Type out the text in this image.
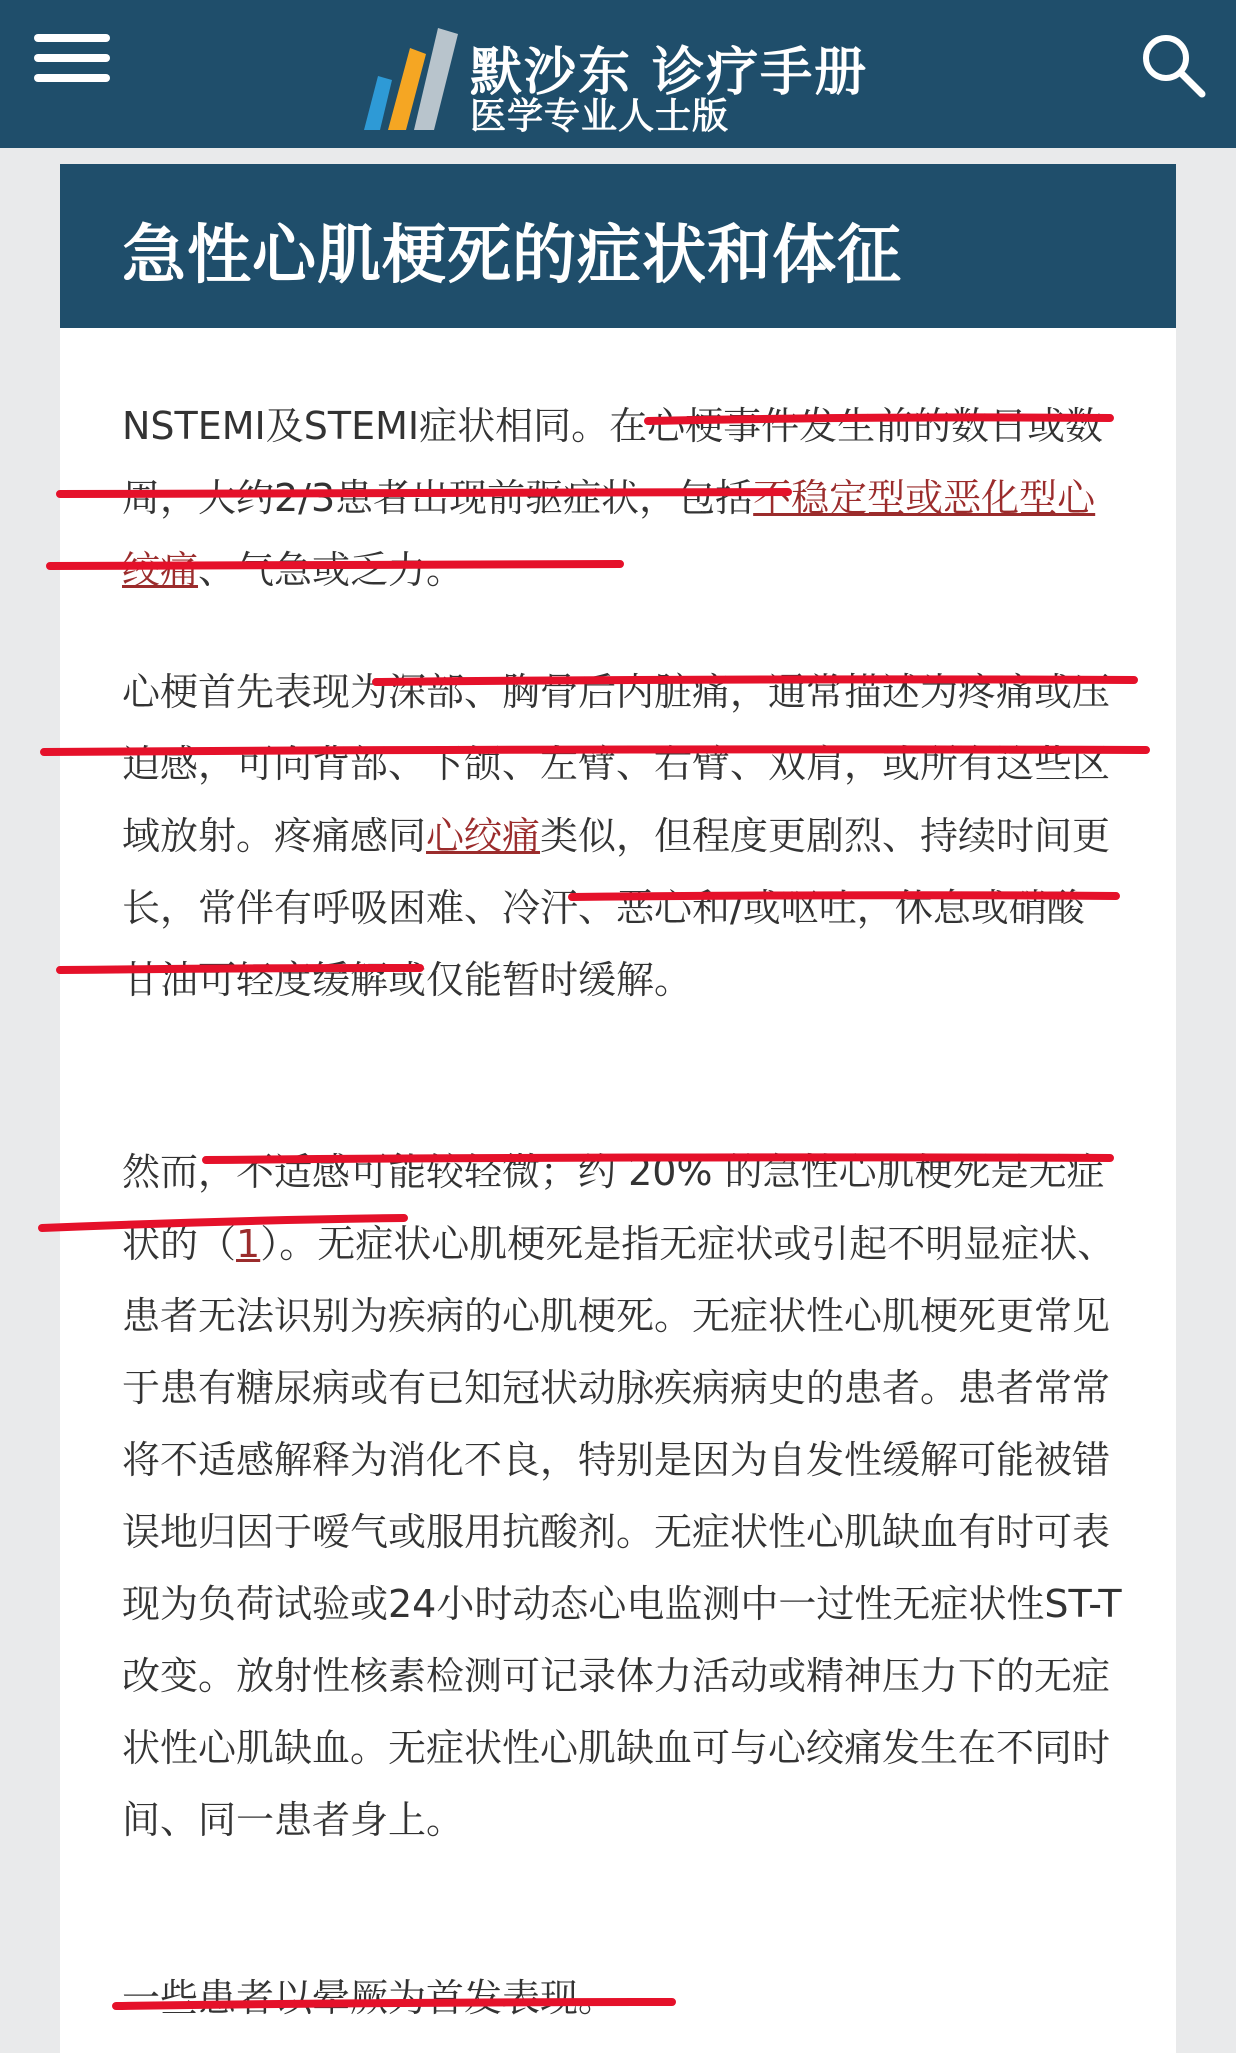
默沙东 诊疗手册
医学专业人士版
急性心肌梗死的症状和体征

NSTEMI及STEMI症状相同。在心梗事件发生前的数日或数周，大约2/3患者出现前驱症状，包括不稳定型或恶化型心绞痛、气急或乏力。

心梗首先表现为深部、胸骨后内脏痛，通常描述为疼痛或压迫感，可向背部、下颌、左臂、右臂、双肩，或所有这些区域放射。疼痛感同心绞痛类似，但程度更剧烈、持续时间更长，常伴有呼吸困难、冷汗、恶心和/或呕吐，休息或硝酸甘油可轻度缓解或仅能暂时缓解。

然而，不适感可能较轻微；约 20% 的急性心肌梗死是无症状的（1）。无症状心肌梗死是指无症状或引起不明显症状、患者无法识别为疾病的心肌梗死。无症状性心肌梗死更常见于患有糖尿病或有已知冠状动脉疾病病史的患者。患者常常将不适感解释为消化不良，特别是因为自发性缓解可能被错误地归因于嗳气或服用抗酸剂。无症状性心肌缺血有时可表现为负荷试验或24小时动态心电监测中一过性无症状性ST-T改变。放射性核素检测可记录体力活动或精神压力下的无症状性心肌缺血。无症状性心肌缺血可与心绞痛发生在不同时间、同一患者身上。

一些患者以晕厥为首发表现。
